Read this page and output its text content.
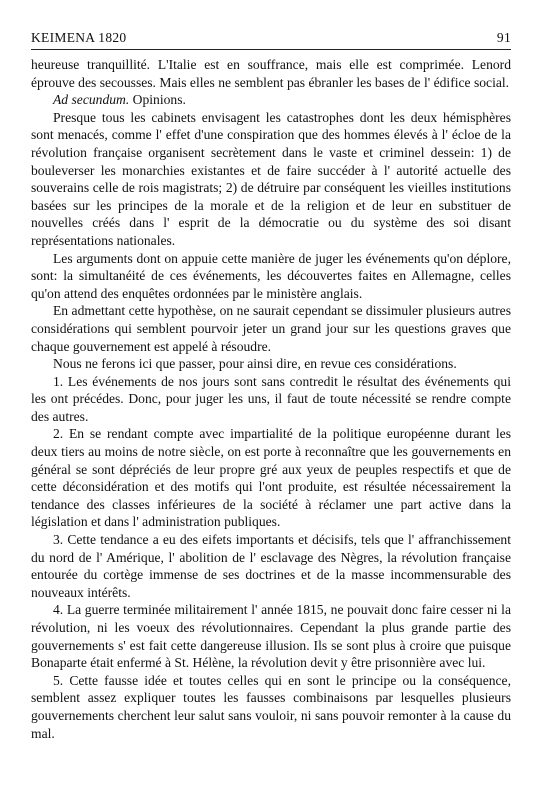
KEIMENA 1820	91

heureuse tranquillité. L'Italie est en souffrance, mais elle est comprimée. Lenord éprouve des secousses. Mais elles ne semblent pas ébranler les bases de l' édifice social.

Ad secundum. Opinions.

Presque tous les cabinets envisagent les catastrophes dont les deux hémisphères sont menacés, comme l' effet d'une conspiration que des hommes élevés à l' écloe de la révolution française organisent secrètement dans le vaste et criminel dessein: 1) de bouleverser les monarchies existantes et de faire succéder à l' autorité actuelle des souverains celle de rois magistrats; 2) de détruire par conséquent les vieilles institutions basées sur les principes de la morale et de la religion et de leur en substituer de nouvelles créés dans l' esprit de la démocratie ou du système des soi disant représentations nationales.

Les arguments dont on appuie cette manière de juger les événements qu'on déplore, sont: la simultanéité de ces événements, les découvertes faites en Allemagne, celles qu'on attend des enquêtes ordonnées par le ministère anglais.

En admettant cette hypothèse, on ne saurait cependant se dissimuler plusieurs autres considérations qui semblent pourvoir jeter un grand jour sur les questions graves que chaque gouvernement est appelé à résoudre.

Nous ne ferons ici que passer, pour ainsi dire, en revue ces considérations.

1. Les événements de nos jours sont sans contredit le résultat des événements qui les ont précédes. Donc, pour juger les uns, il faut de toute nécessité se rendre compte des autres.

2. En se rendant compte avec impartialité de la politique européenne durant les deux tiers au moins de notre siècle, on est porte à reconnaître que les gouvernements en général se sont dépréciés de leur propre gré aux yeux de peuples respectifs et que de cette déconsidération et des motifs qui l'ont produite, est résultée nécessairement la tendance des classes inférieures de la société à réclamer une part active dans la législation et dans l' administration publiques.

3. Cette tendance a eu des eifets importants et décisifs, tels que l' affranchissement du nord de l' Amérique, l' abolition de l' esclavage des Nègres, la révolution française entourée du cortège immense de ses doctrines et de la masse incommensurable des nouveaux intérêts.

4. La guerre terminée militairement l' année 1815, ne pouvait donc faire cesser ni la révolution, ni les voeux des révolutionnaires. Cependant la plus grande partie des gouvernements s' est fait cette dangereuse illusion. Ils se sont plus à croire que puisque Bonaparte était enfermé à St. Hélène, la révolution devit y être prisonnière avec lui.

5. Cette fausse idée et toutes celles qui en sont le principe ou la conséquence, semblent assez expliquer toutes les fausses combinaisons par lesquelles plusieurs gouvernements cherchent leur salut sans vouloir, ni sans pouvoir remonter à la cause du mal.
